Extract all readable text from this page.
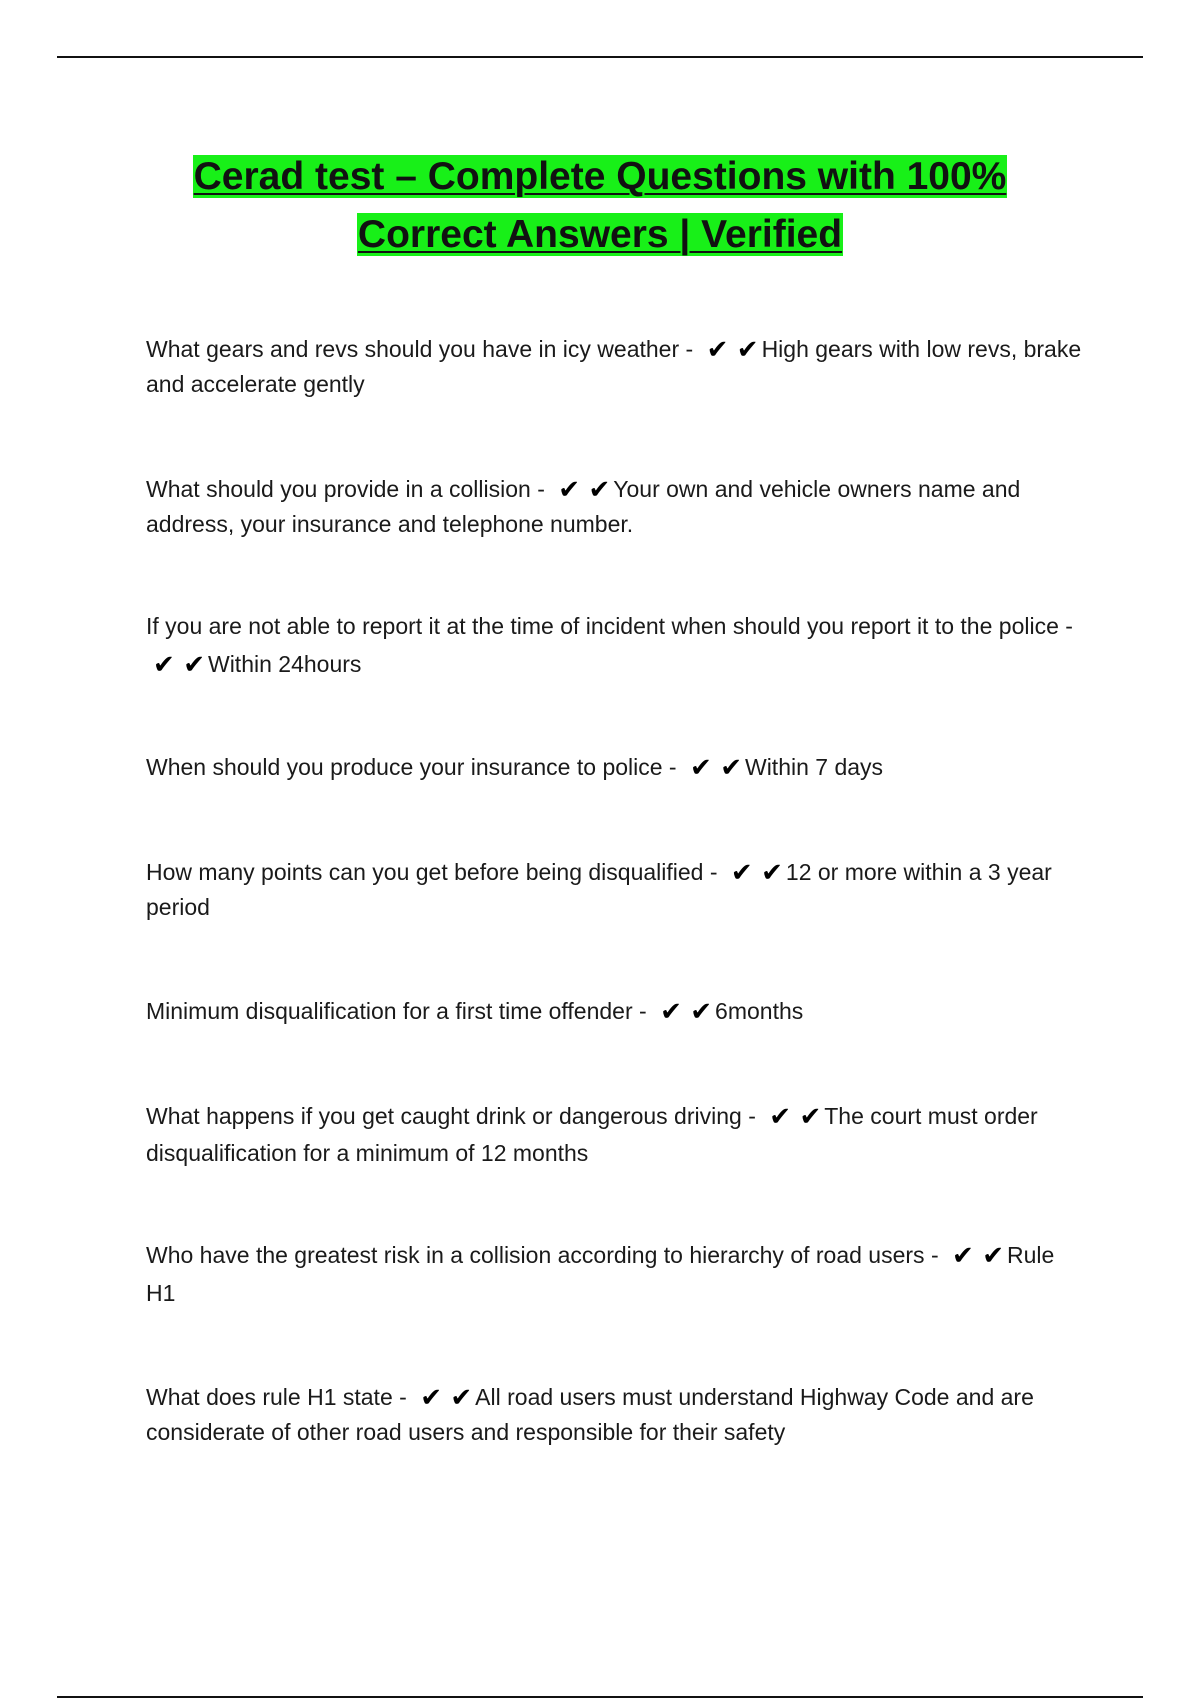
Cerad test – Complete Questions with 100%
Correct Answers | Verified

What gears and revs should you have in icy weather - ✔ ✔ High gears with low revs, brake and accelerate gently

What should you provide in a collision - ✔ ✔ Your own and vehicle owners name and address, your insurance and telephone number.

If you are not able to report it at the time of incident when should you report it to the police - ✔ ✔ Within 24hours

When should you produce your insurance to police - ✔ ✔ Within 7 days

How many points can you get before being disqualified - ✔ ✔ 12 or more within a 3 year period

Minimum disqualification for a first time offender - ✔ ✔ 6months

What happens if you get caught drink or dangerous driving - ✔ ✔ The court must order disqualification for a minimum of 12 months

Who have the greatest risk in a collision according to hierarchy of road users - ✔ ✔ Rule H1

What does rule H1 state - ✔ ✔ All road users must understand Highway Code and are considerate of other road users and responsible for their safety
